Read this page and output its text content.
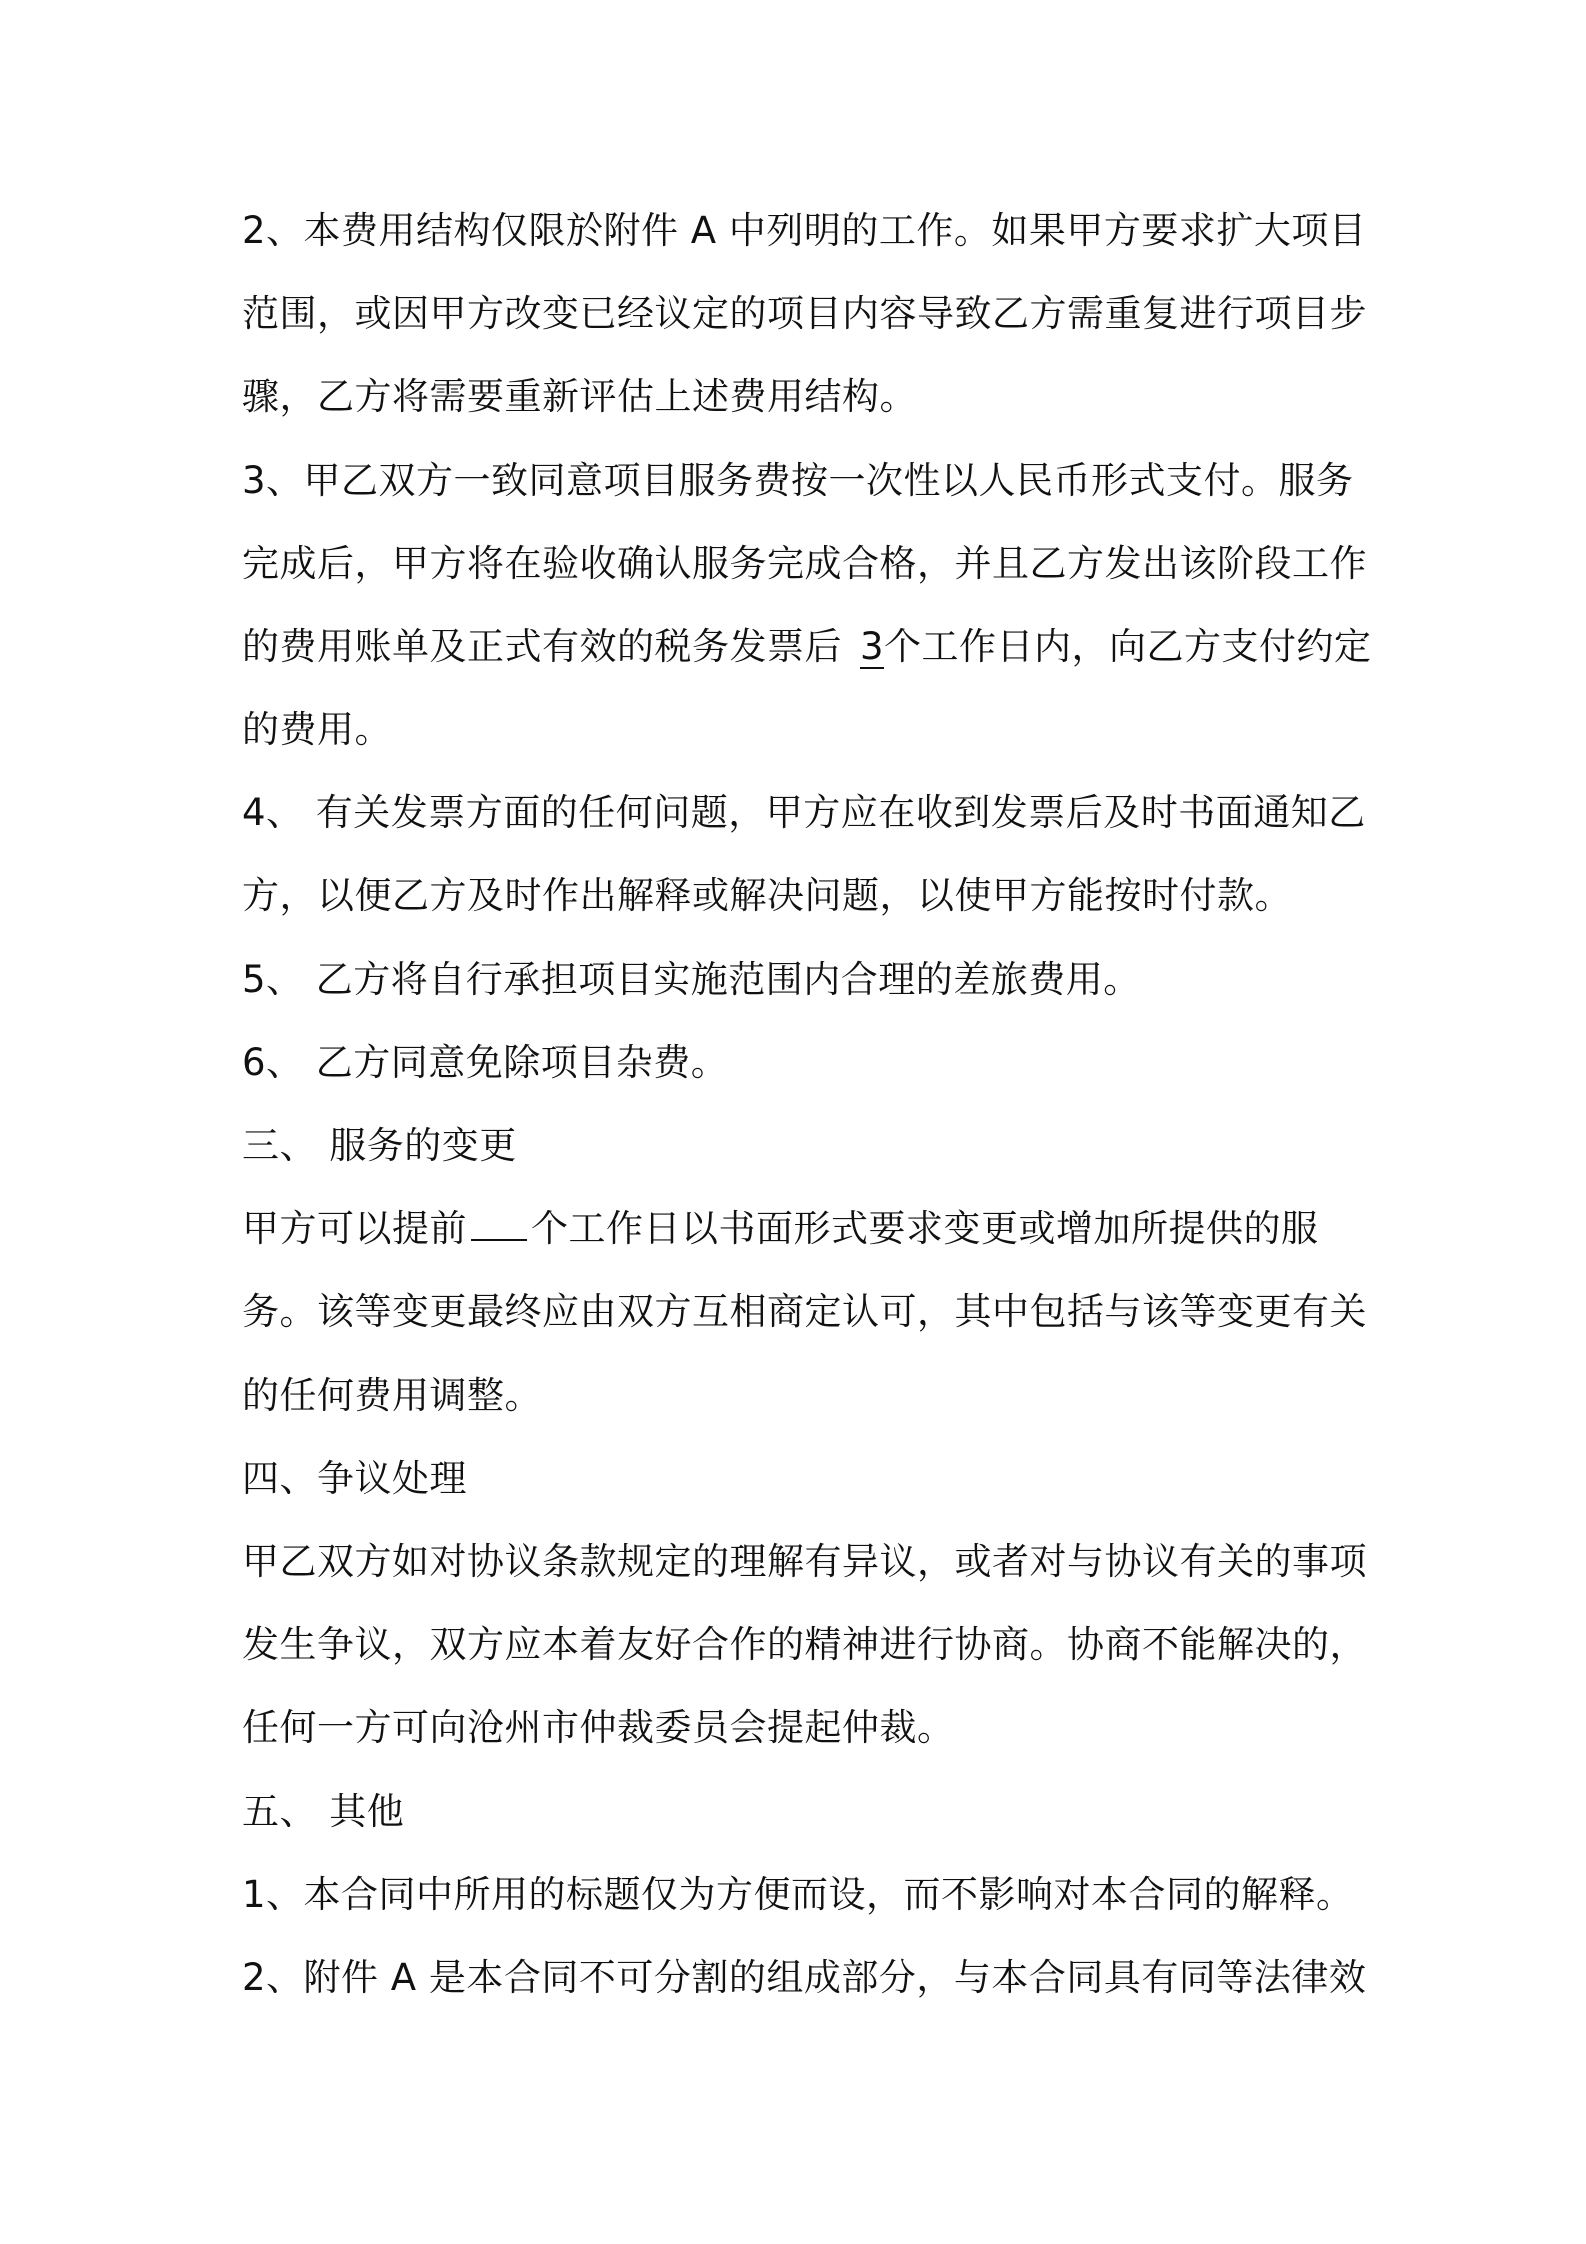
2、本费用结构仅限於附件 A 中列明的工作。如果甲方要求扩大项目
范围，或因甲方改变已经议定的项目内容导致乙方需重复进行项目步
骤，乙方将需要重新评估上述费用结构。
3、甲乙双方一致同意项目服务费按一次性以人民币形式支付。服务
完成后，甲方将在验收确认服务完成合格，并且乙方发出该阶段工作
的费用账单及正式有效的税务发票后 3个工作日内，向乙方支付约定
的费用。
4、 有关发票方面的任何问题，甲方应在收到发票后及时书面通知乙
方，以便乙方及时作出解释或解决问题，以使甲方能按时付款。
5、 乙方将自行承担项目实施范围内合理的差旅费用。
6、 乙方同意免除项目杂费。
三、 服务的变更
甲方可以提前 个工作日以书面形式要求变更或增加所提供的服
务。该等变更最终应由双方互相商定认可，其中包括与该等变更有关
的任何费用调整。
四、争议处理
甲乙双方如对协议条款规定的理解有异议，或者对与协议有关的事项
发生争议，双方应本着友好合作的精神进行协商。协商不能解决的，
任何一方可向沧州市仲裁委员会提起仲裁。
五、 其他
1、本合同中所用的标题仅为方便而设，而不影响对本合同的解释。
2、附件 A 是本合同不可分割的组成部分，与本合同具有同等法律效
